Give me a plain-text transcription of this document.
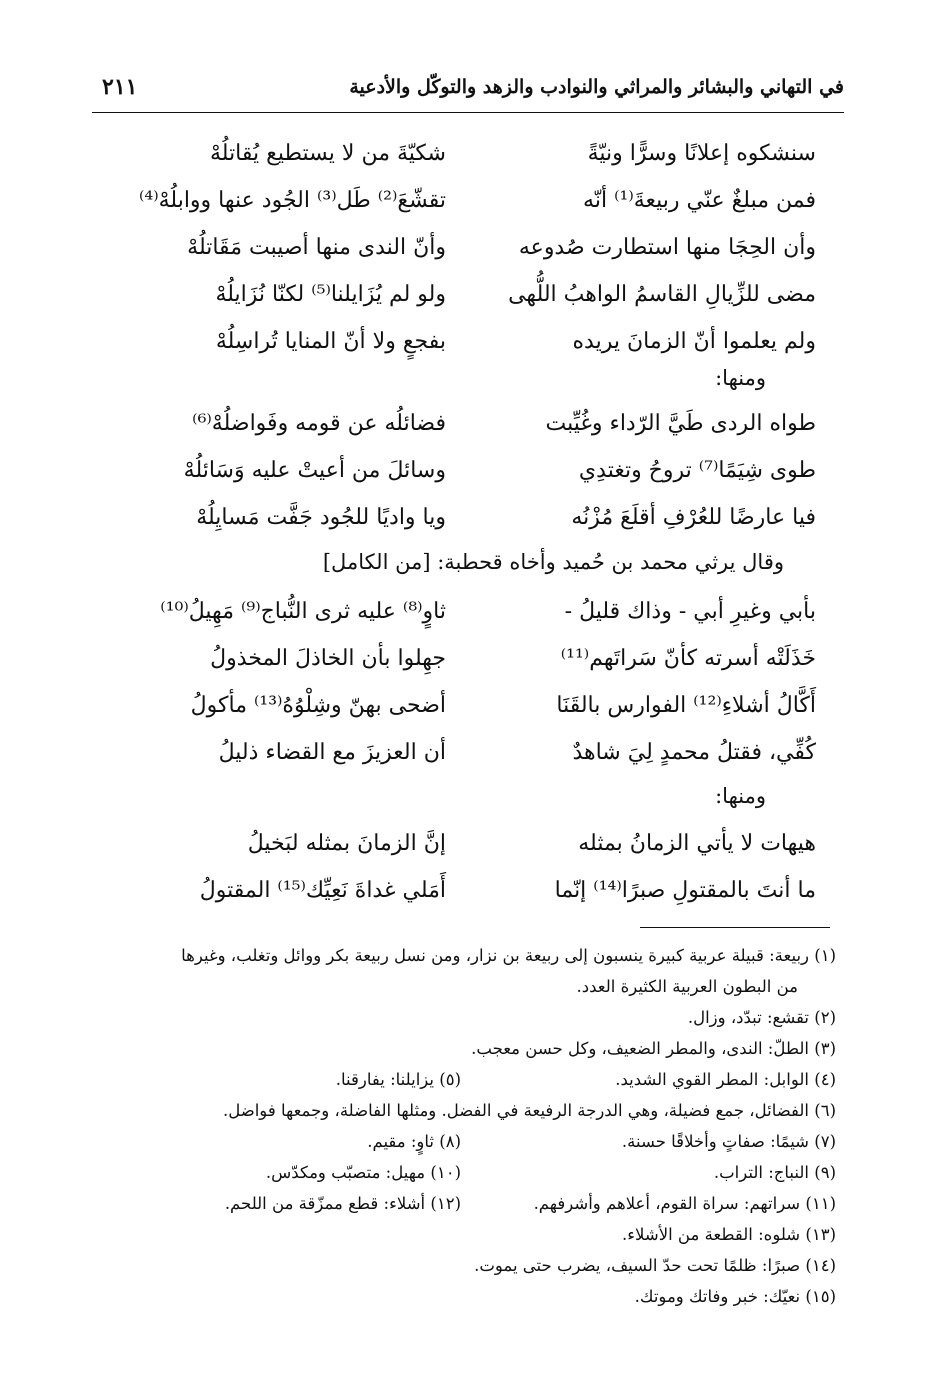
في التهاني والبشائر والمراثي والنوادب والزهد والتوكّل والأدعية
٢١١
سنشكوه إعلانًا وسرًّا ونيّةً
شكيّةَ من لا يستطيع يُقاتلُهْ
فمن مبلغٌ عنّي ربيعةَ⁽¹⁾ أنّه
تقشّعَ⁽²⁾ طَل⁽³⁾ الجُود عنها ووابلُهْ⁽⁴⁾
وأن الحِجَا منها استطارت صُدوعه
وأنّ الندى منها أصيبت مَقَاتلُهْ
مضى للزِّيالِ القاسمُ الواهبُ اللُّهى
ولو لم يُزَايلنا⁽⁵⁾ لكنّا نُزَايلُهْ
ولم يعلموا أنّ الزمانَ يريده
بفجعٍ ولا أنّ المنايا تُراسِلُهْ
ومنها:
طواه الردى طَيَّ الرّداء وغُيِّبت
فضائلُه عن قومه وفَواضلُهْ⁽⁶⁾
طوى شِيَمًا⁽⁷⁾ تروحُ وتغتدِي
وسائلَ من أعيتْ عليه وَسَائلُهْ
فيا عارضًا للعُرْفِ أقلَعَ مُزْنُه
ويا واديًا للجُود جَفَّت مَسايِلُهْ
وقال يرثي محمد بن حُميد وأخاه قحطبة: [من الكامل]
بأبي وغيرِ أبي - وذاك قليلُ -
ثاوٍ⁽⁸⁾ عليه ثرى النُّباج⁽⁹⁾ مَهِيلُ⁽¹⁰⁾
خَذَلَتْه أسرته كأنّ سَراتَهم⁽¹¹⁾
جهِلوا بأن الخاذلَ المخذولُ
أَكَّالُ أشلاءِ⁽¹²⁾ الفوارس بالقَنَا
أضحى بهنّ وشِلْوُهُ⁽¹³⁾ مأكولُ
كُفِّي، فقتلُ محمدٍ لِيَ شاهدٌ
أن العزيزَ مع القضاء ذليلُ
ومنها:
هيهات لا يأتي الزمانُ بمثله
إنَّ الزمانَ بمثله لبَخيلُ
ما أنتَ بالمقتولِ صبرًا⁽¹⁴⁾ إنّما
أَمَلي غداةَ نَعِيِّك⁽¹⁵⁾ المقتولُ
(١) ربيعة: قبيلة عربية كبيرة ينسبون إلى ربيعة بن نزار، ومن نسل ربيعة بكر ووائل وتغلب، وغيرها
من البطون العربية الكثيرة العدد.
(٢) تقشع: تبدّد، وزال.
(٣) الطلّ: الندى، والمطر الضعيف، وكل حسن معجب.
(٤) الوابل: المطر القوي الشديد.
(٥) يزايلنا: يفارقنا.
(٦) الفضائل، جمع فضيلة، وهي الدرجة الرفيعة في الفضل. ومثلها الفاضلة، وجمعها فواضل.
(٧) شيمًا: صفاتٍ وأخلاقًا حسنة.
(٨) ثاوٍ: مقيم.
(٩) النباج: التراب.
(١٠) مهيل: متصبّب ومكدّس.
(١١) سراتهم: سراة القوم، أعلاهم وأشرفهم.
(١٢) أشلاء: قطع ممزّقة من اللحم.
(١٣) شلوه: القطعة من الأشلاء.
(١٤) صبرًا: ظلمًا تحت حدّ السيف، يضرب حتى يموت.
(١٥) نعيّك: خبر وفاتك وموتك.
